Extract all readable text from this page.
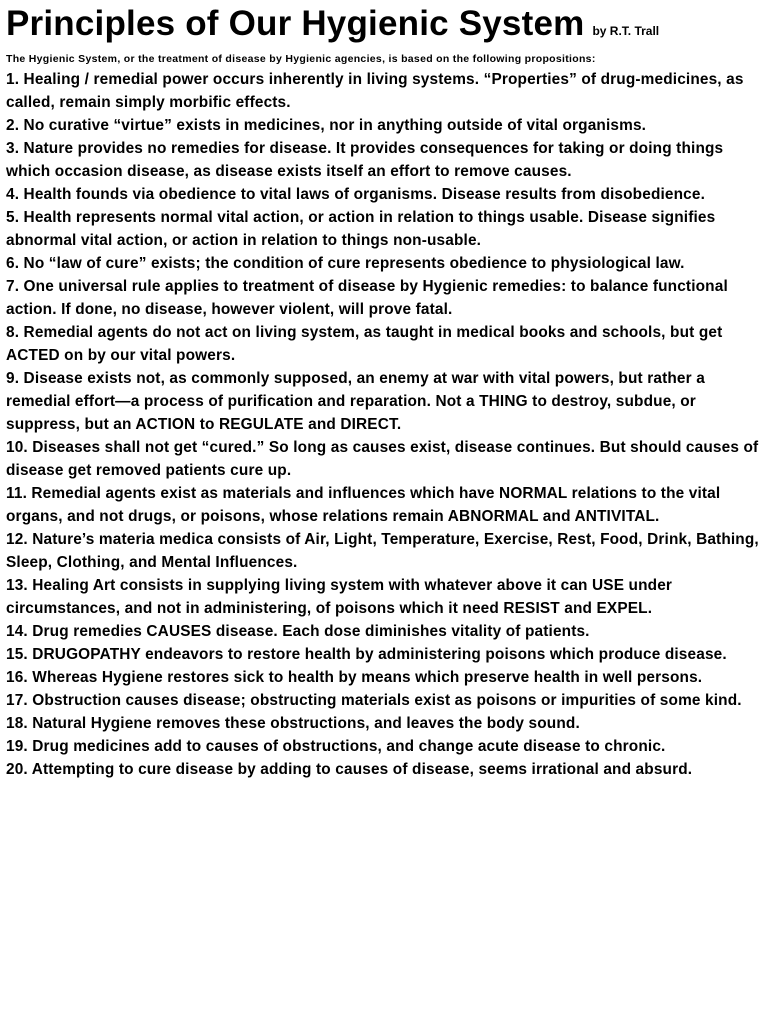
Principles of Our Hygienic System by R.T. Trall

The Hygienic System, or the treatment of disease by Hygienic agencies, is based on the following propositions:

1. Healing / remedial power occurs inherently in living systems. “Properties” of drug-medicines, as called, remain simply morbific effects.
2. No curative “virtue” exists in medicines, nor in anything outside of vital organisms.
3. Nature provides no remedies for disease. It provides consequences for taking or doing things which occasion disease, as disease exists itself an effort to remove causes.
4. Health founds via obedience to vital laws of organisms. Disease results from disobedience.
5. Health represents normal vital action, or action in relation to things usable. Disease signifies abnormal vital action, or action in relation to things non-usable.
6. No “law of cure” exists; the condition of cure represents obedience to physiological law.
7. One universal rule applies to treatment of disease by Hygienic remedies: to balance functional action. If done, no disease, however violent, will prove fatal.
8. Remedial agents do not act on living system, as taught in medical books and schools, but get ACTED on by our vital powers.
9. Disease exists not, as commonly supposed, an enemy at war with vital powers, but rather a remedial effort—a process of purification and reparation. Not a THING to destroy, subdue, or suppress, but an ACTION to REGULATE and DIRECT.
10. Diseases shall not get “cured.” So long as causes exist, disease continues. But should causes of disease get removed patients cure up.
11. Remedial agents exist as materials and influences which have NORMAL relations to the vital organs, and not drugs, or poisons, whose relations remain ABNORMAL and ANTIVITAL.
12. Nature’s materia medica consists of Air, Light, Temperature, Exercise, Rest, Food, Drink, Bathing, Sleep, Clothing, and Mental Influences.
13. Healing Art consists in supplying living system with whatever above it can USE under circumstances, and not in administering, of poisons which it need RESIST and EXPEL.
14. Drug remedies CAUSES disease. Each dose diminishes vitality of patients.
15. DRUGOPATHY endeavors to restore health by administering poisons which produce disease.
16. Whereas Hygiene restores sick to health by means which preserve health in well persons.
17. Obstruction causes disease; obstructing materials exist as poisons or impurities of some kind.
18. Natural Hygiene removes these obstructions, and leaves the body sound.
19. Drug medicines add to causes of obstructions, and change acute disease to chronic.
20. Attempting to cure disease by adding to causes of disease, seems irrational and absurd.
